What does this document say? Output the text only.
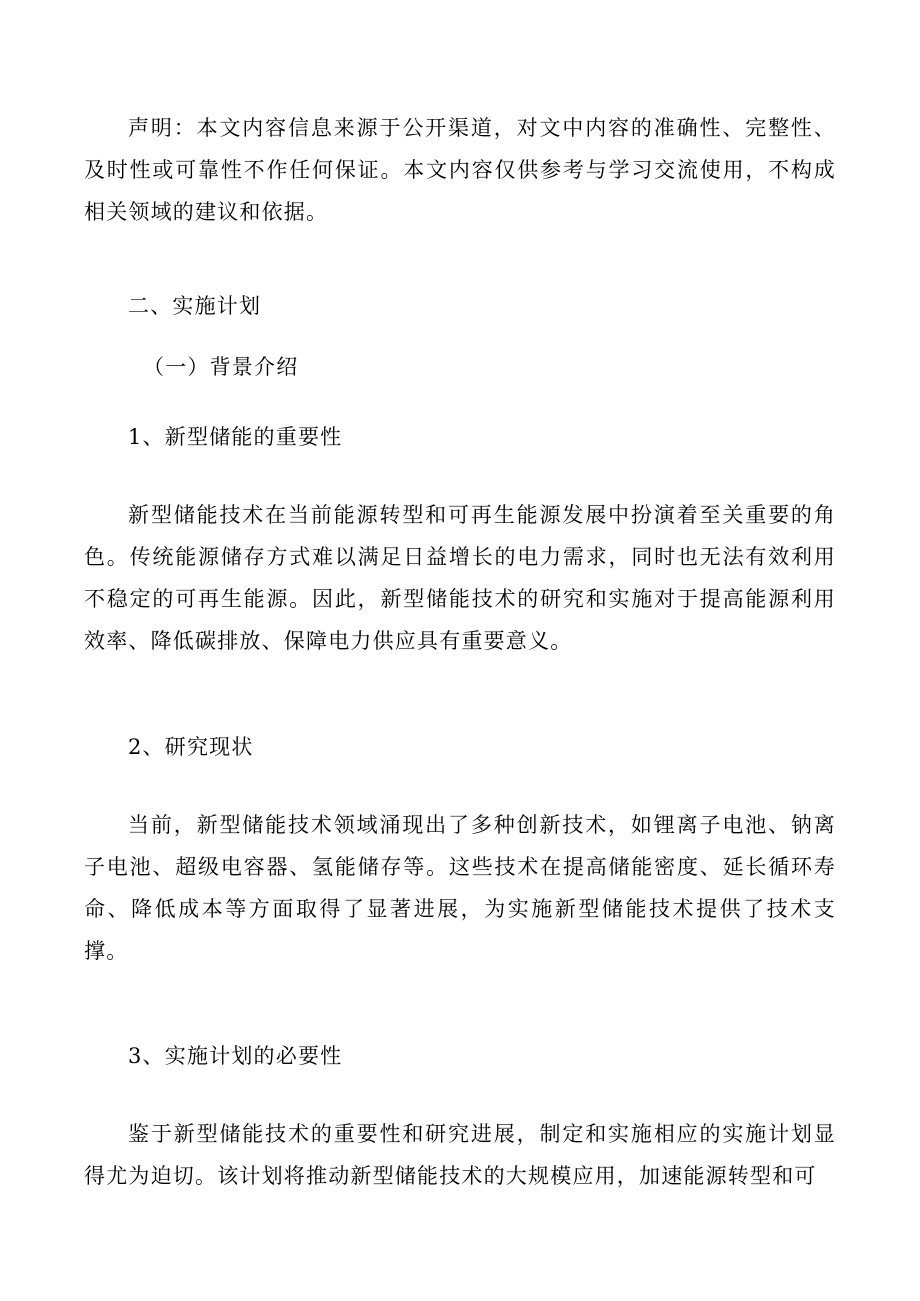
声明：本文内容信息来源于公开渠道，对文中内容的准确性、完整性、及时性或可靠性不作任何保证。本文内容仅供参考与学习交流使用，不构成相关领域的建议和依据。

二、实施计划
（一）背景介绍
1、新型储能的重要性

新型储能技术在当前能源转型和可再生能源发展中扮演着至关重要的角色。传统能源储存方式难以满足日益增长的电力需求，同时也无法有效利用不稳定的可再生能源。因此，新型储能技术的研究和实施对于提高能源利用效率、降低碳排放、保障电力供应具有重要意义。

2、研究现状

当前，新型储能技术领域涌现出了多种创新技术，如锂离子电池、钠离子电池、超级电容器、氢能储存等。这些技术在提高储能密度、延长循环寿命、降低成本等方面取得了显著进展，为实施新型储能技术提供了技术支撑。

3、实施计划的必要性

鉴于新型储能技术的重要性和研究进展，制定和实施相应的实施计划显得尤为迫切。该计划将推动新型储能技术的大规模应用，加速能源转型和可
